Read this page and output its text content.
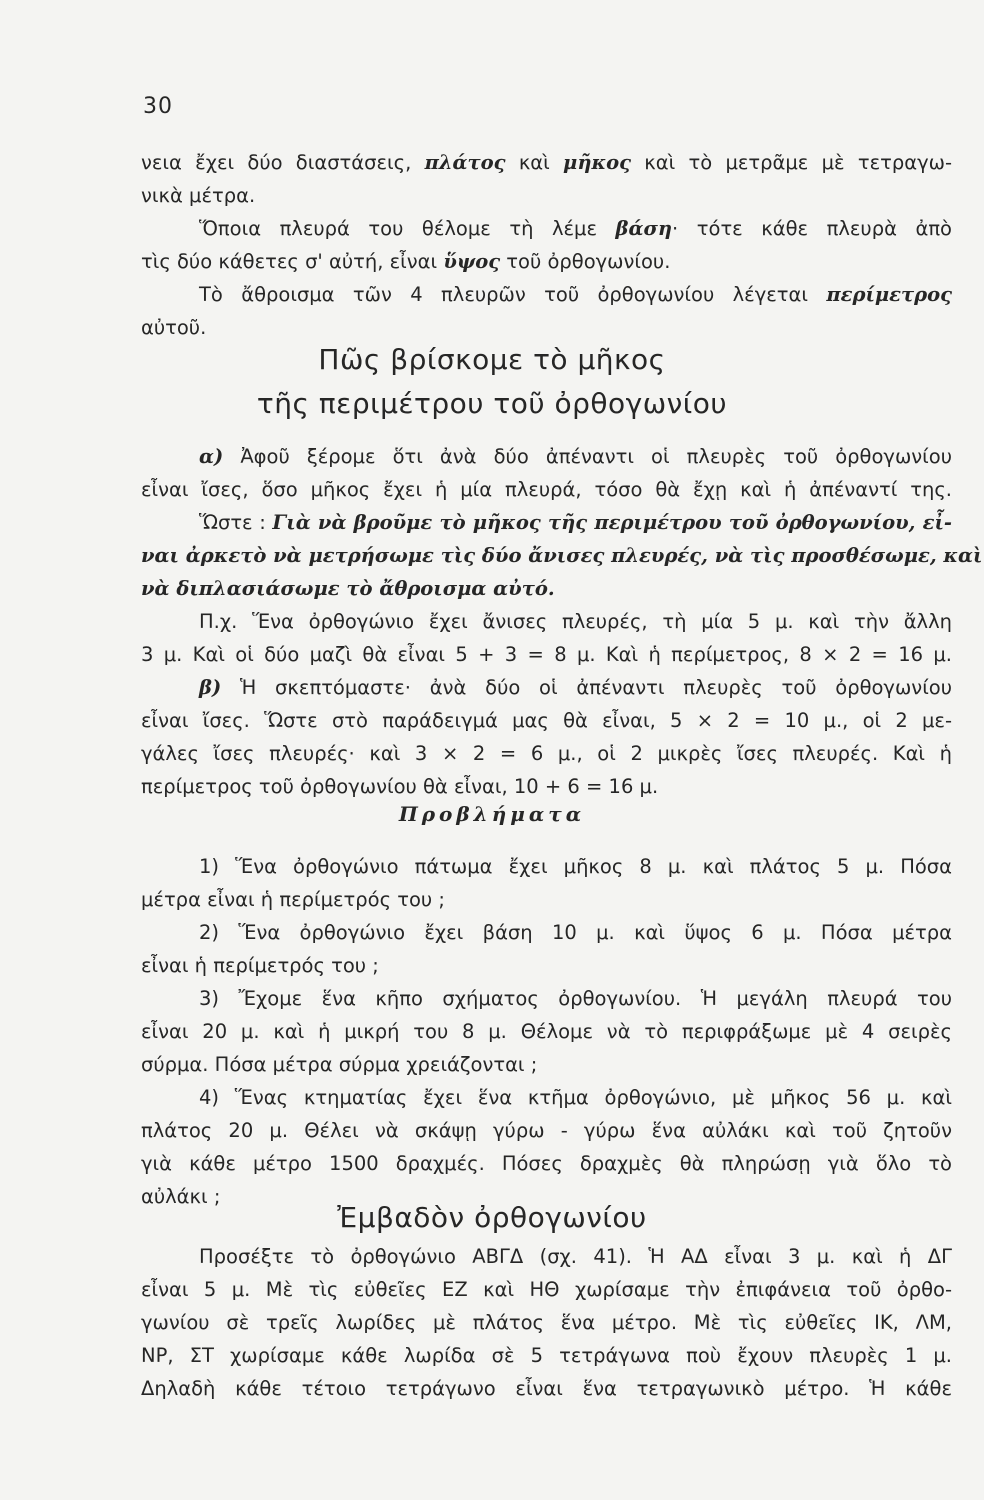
30
νεια ἔχει δύο διαστάσεις, πλάτος καὶ μῆκος καὶ τὸ μετρᾶμε μὲ τετραγω-
νικὰ μέτρα.
Ὅποια πλευρά του θέλομε τὴ λέμε βάση· τότε κάθε πλευρὰ ἀπὸ
τὶς δύο κάθετες σ' αὐτή, εἶναι ὕψος τοῦ ὀρθογωνίου.
Τὸ ἄθροισμα τῶν 4 πλευρῶν τοῦ ὀρθογωνίου λέγεται περίμετρος
αὐτοῦ.
Πῶς βρίσκομε τὸ μῆκος
τῆς περιμέτρου τοῦ ὀρθογωνίου
α) Ἀφοῦ ξέρομε ὅτι ἀνὰ δύο ἀπέναντι οἱ πλευρὲς τοῦ ὀρθογωνίου
εἶναι ἴσες, ὅσο μῆκος ἔχει ἡ μία πλευρά, τόσο θὰ ἔχῃ καὶ ἡ ἀπέναντί της.
Ὥστε : Γιὰ νὰ βροῦμε τὸ μῆκος τῆς περιμέτρου τοῦ ὀρθογωνίου, εἶ-
ναι ἀρκετὸ νὰ μετρήσωμε τὶς δύο ἄνισες πλευρές, νὰ τὶς προσθέσωμε, καὶ
νὰ διπλασιάσωμε τὸ ἄθροισμα αὐτό.
Π.χ. Ἕνα ὀρθογώνιο ἔχει ἄνισες πλευρές, τὴ μία 5 μ. καὶ τὴν ἄλλη
3 μ. Καὶ οἱ δύο μαζὶ θὰ εἶναι 5 + 3 = 8 μ. Καὶ ἡ περίμετρος, 8 × 2 = 16 μ.
β) Ἡ σκεπτόμαστε· ἀνὰ δύο οἱ ἀπέναντι πλευρὲς τοῦ ὀρθογωνίου
εἶναι ἴσες. Ὥστε στὸ παράδειγμά μας θὰ εἶναι, 5 × 2 = 10 μ., οἱ 2 με-
γάλες ἴσες πλευρές· καὶ 3 × 2 = 6 μ., οἱ 2 μικρὲς ἴσες πλευρές. Καὶ ἡ
περίμετρος τοῦ ὀρθογωνίου θὰ εἶναι, 10 + 6 = 16 μ.
Προβλήματα
1) Ἕνα ὀρθογώνιο πάτωμα ἔχει μῆκος 8 μ. καὶ πλάτος 5 μ. Πόσα
μέτρα εἶναι ἡ περίμετρός του ;
2) Ἕνα ὀρθογώνιο ἔχει βάση 10 μ. καὶ ὕψος 6 μ. Πόσα μέτρα
εἶναι ἡ περίμετρός του ;
3) Ἔχομε ἕνα κῆπο σχήματος ὀρθογωνίου. Ἡ μεγάλη πλευρά του
εἶναι 20 μ. καὶ ἡ μικρή του 8 μ. Θέλομε νὰ τὸ περιφράξωμε μὲ 4 σειρὲς
σύρμα. Πόσα μέτρα σύρμα χρειάζονται ;
4) Ἕνας κτηματίας ἔχει ἕνα κτῆμα ὀρθογώνιο, μὲ μῆκος 56 μ. καὶ
πλάτος 20 μ. Θέλει νὰ σκάψῃ γύρω - γύρω ἕνα αὐλάκι καὶ τοῦ ζητοῦν
γιὰ κάθε μέτρο 1500 δραχμές. Πόσες δραχμὲς θὰ πληρώσῃ γιὰ ὅλο τὸ
αὐλάκι ;
Ἐμβαδὸν ὀρθογωνίου
Προσέξτε τὸ ὀρθογώνιο ΑΒΓΔ (σχ. 41). Ἡ ΑΔ εἶναι 3 μ. καὶ ἡ ΔΓ
εἶναι 5 μ. Μὲ τὶς εὐθεῖες ΕΖ καὶ ΗΘ χωρίσαμε τὴν ἐπιφάνεια τοῦ ὀρθο-
γωνίου σὲ τρεῖς λωρίδες μὲ πλάτος ἕνα μέτρο. Μὲ τὶς εὐθεῖες ΙΚ, ΛΜ,
ΝΡ, ΣΤ χωρίσαμε κάθε λωρίδα σὲ 5 τετράγωνα ποὺ ἔχουν πλευρὲς 1 μ.
Δηλαδὴ κάθε τέτοιο τετράγωνο εἶναι ἕνα τετραγωνικὸ μέτρο. Ἡ κάθε
